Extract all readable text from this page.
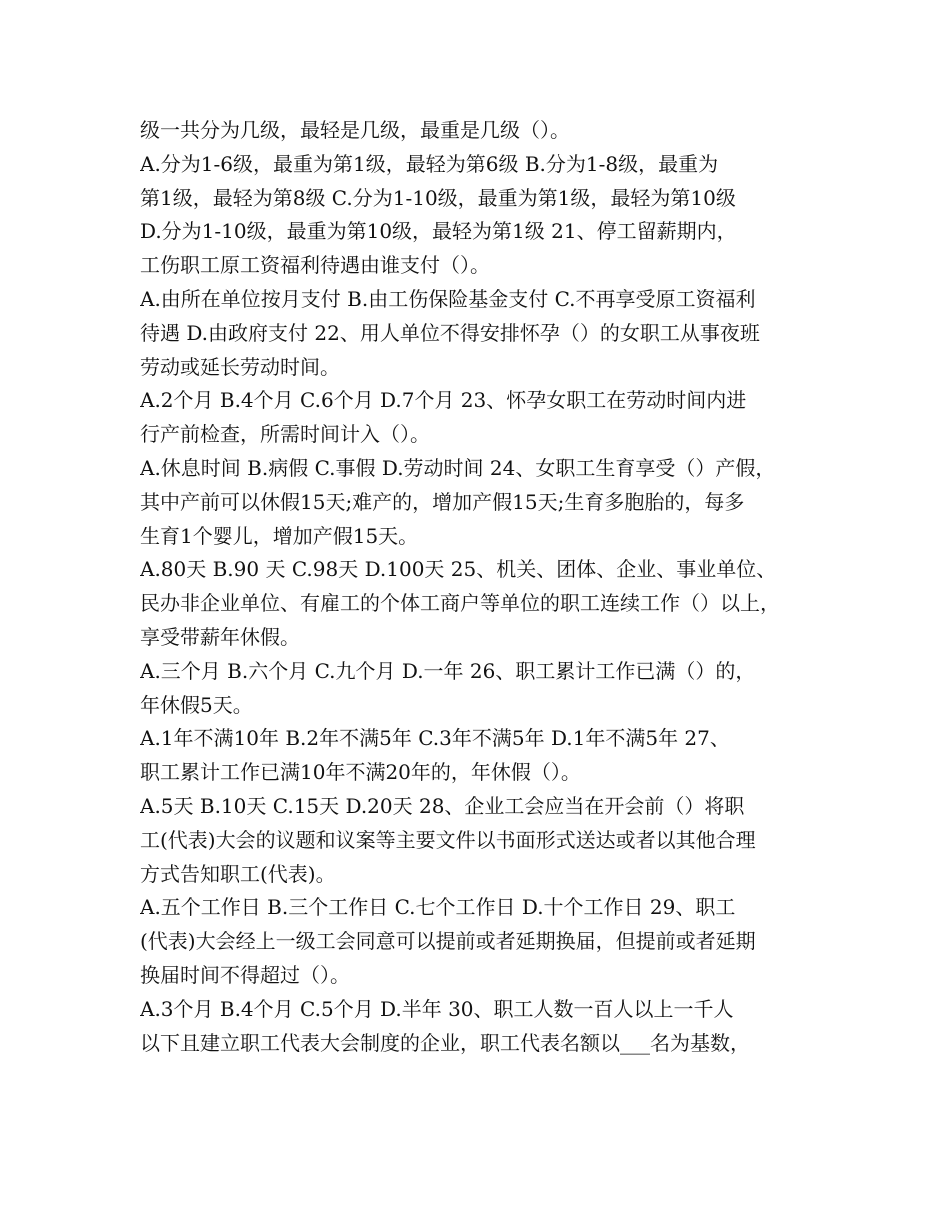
级一共分为几级，最轻是几级，最重是几级（）。
A.分为1-6级，最重为第1级，最轻为第6级 B.分为1-8级，最重为
第1级，最轻为第8级 C.分为1-10级，最重为第1级，最轻为第10级
D.分为1-10级，最重为第10级，最轻为第1级 21、停工留薪期内，
工伤职工原工资福利待遇由谁支付（）。
A.由所在单位按月支付 B.由工伤保险基金支付 C.不再享受原工资福利
待遇 D.由政府支付 22、用人单位不得安排怀孕（）的女职工从事夜班
劳动或延长劳动时间。
A.2个月 B.4个月 C.6个月 D.7个月 23、怀孕女职工在劳动时间内进
行产前检查，所需时间计入（）。
A.休息时间 B.病假 C.事假 D.劳动时间 24、女职工生育享受（）产假，
其中产前可以休假15天;难产的，增加产假15天;生育多胞胎的，每多
生育1个婴儿，增加产假15天。
A.80天 B.90 天 C.98天 D.100天 25、机关、团体、企业、事业单位、
民办非企业单位、有雇工的个体工商户等单位的职工连续工作（）以上，
享受带薪年休假。
A.三个月 B.六个月 C.九个月 D.一年 26、职工累计工作已满（）的，
年休假5天。
A.1年不满10年 B.2年不满5年 C.3年不满5年 D.1年不满5年 27、
职工累计工作已满10年不满20年的，年休假（）。
A.5天 B.10天 C.15天 D.20天 28、企业工会应当在开会前（）将职
工(代表)大会的议题和议案等主要文件以书面形式送达或者以其他合理
方式告知职工(代表)。
A.五个工作日 B.三个工作日 C.七个工作日 D.十个工作日 29、职工
(代表)大会经上一级工会同意可以提前或者延期换届，但提前或者延期
换届时间不得超过（）。
A.3个月 B.4个月 C.5个月 D.半年 30、职工人数一百人以上一千人
以下且建立职工代表大会制度的企业，职工代表名额以___名为基数，
